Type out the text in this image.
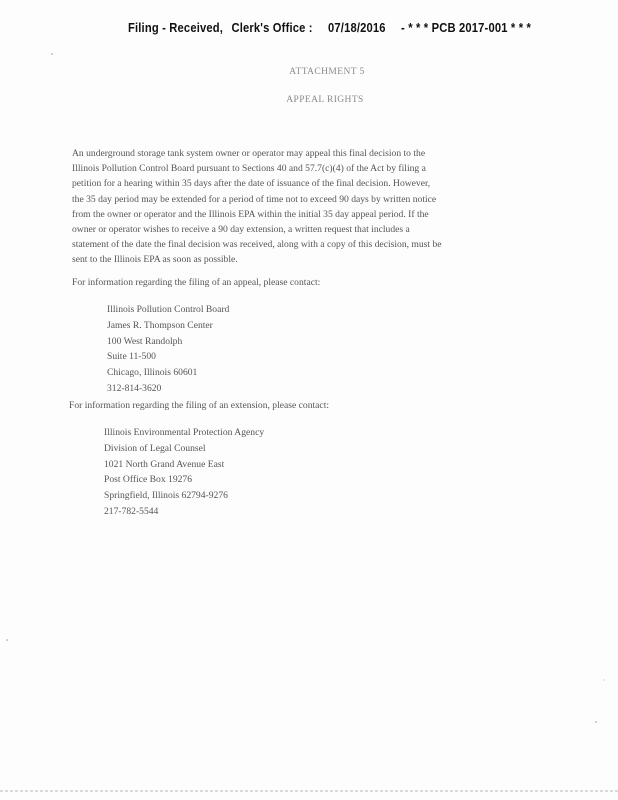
Filing - Received, Clerk's Office : 07/18/2016 - * * * PCB 2017-001 * * *
ATTACHMENT 5
APPEAL RIGHTS
An underground storage tank system owner or operator may appeal this final decision to the
Illinois Pollution Control Board pursuant to Sections 40 and 57.7(c)(4) of the Act by filing a
petition for a hearing within 35 days after the date of issuance of the final decision. However,
the 35 day period may be extended for a period of time not to exceed 90 days by written notice
from the owner or operator and the Illinois EPA within the initial 35 day appeal period. If the
owner or operator wishes to receive a 90 day extension, a written request that includes a
statement of the date the final decision was received, along with a copy of this decision, must be
sent to the Illinois EPA as soon as possible.
For information regarding the filing of an appeal, please contact:
Illinois Pollution Control Board
James R. Thompson Center
100 West Randolph
Suite 11-500
Chicago, Illinois 60601
312-814-3620
For information regarding the filing of an extension, please contact:
Illinois Environmental Protection Agency
Division of Legal Counsel
1021 North Grand Avenue East
Post Office Box 19276
Springfield, Illinois 62794-9276
217-782-5544
